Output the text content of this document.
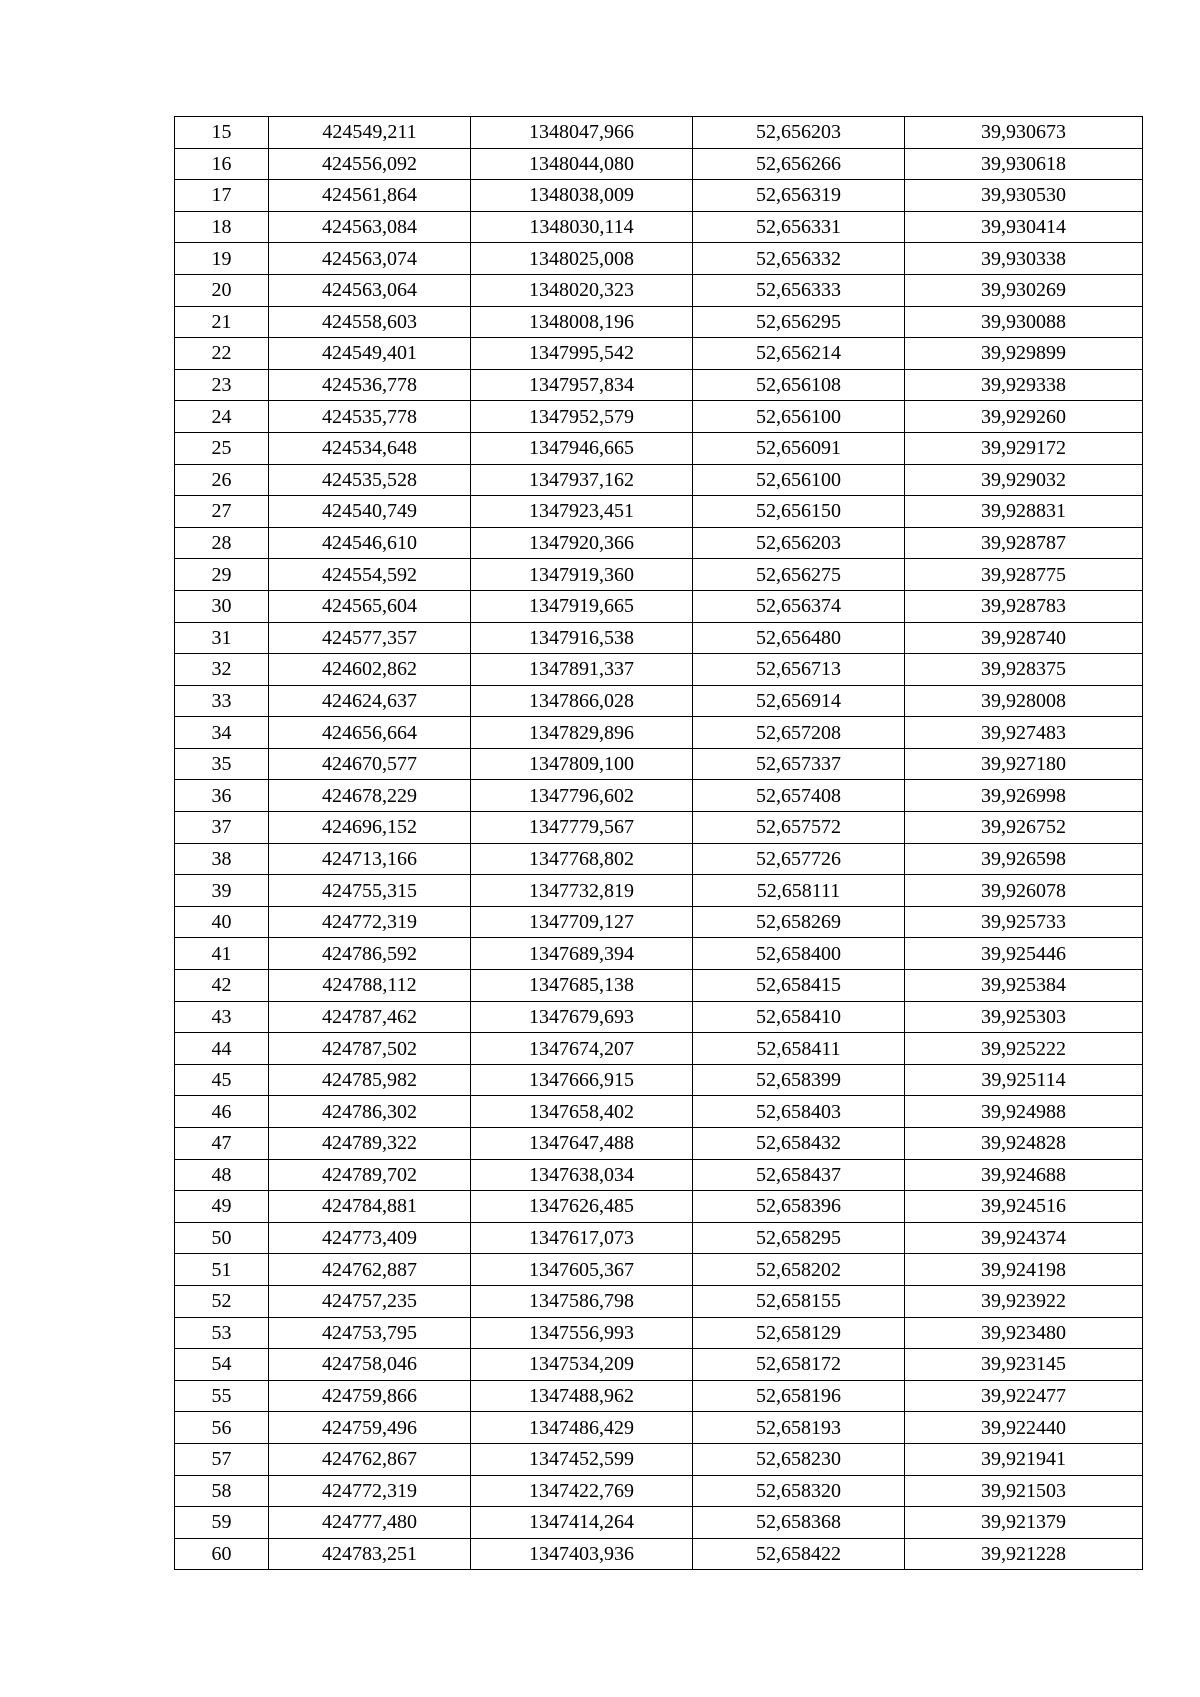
15	424549,211	1348047,966	52,656203	39,930673
16	424556,092	1348044,080	52,656266	39,930618
17	424561,864	1348038,009	52,656319	39,930530
18	424563,084	1348030,114	52,656331	39,930414
19	424563,074	1348025,008	52,656332	39,930338
20	424563,064	1348020,323	52,656333	39,930269
21	424558,603	1348008,196	52,656295	39,930088
22	424549,401	1347995,542	52,656214	39,929899
23	424536,778	1347957,834	52,656108	39,929338
24	424535,778	1347952,579	52,656100	39,929260
25	424534,648	1347946,665	52,656091	39,929172
26	424535,528	1347937,162	52,656100	39,929032
27	424540,749	1347923,451	52,656150	39,928831
28	424546,610	1347920,366	52,656203	39,928787
29	424554,592	1347919,360	52,656275	39,928775
30	424565,604	1347919,665	52,656374	39,928783
31	424577,357	1347916,538	52,656480	39,928740
32	424602,862	1347891,337	52,656713	39,928375
33	424624,637	1347866,028	52,656914	39,928008
34	424656,664	1347829,896	52,657208	39,927483
35	424670,577	1347809,100	52,657337	39,927180
36	424678,229	1347796,602	52,657408	39,926998
37	424696,152	1347779,567	52,657572	39,926752
38	424713,166	1347768,802	52,657726	39,926598
39	424755,315	1347732,819	52,658111	39,926078
40	424772,319	1347709,127	52,658269	39,925733
41	424786,592	1347689,394	52,658400	39,925446
42	424788,112	1347685,138	52,658415	39,925384
43	424787,462	1347679,693	52,658410	39,925303
44	424787,502	1347674,207	52,658411	39,925222
45	424785,982	1347666,915	52,658399	39,925114
46	424786,302	1347658,402	52,658403	39,924988
47	424789,322	1347647,488	52,658432	39,924828
48	424789,702	1347638,034	52,658437	39,924688
49	424784,881	1347626,485	52,658396	39,924516
50	424773,409	1347617,073	52,658295	39,924374
51	424762,887	1347605,367	52,658202	39,924198
52	424757,235	1347586,798	52,658155	39,923922
53	424753,795	1347556,993	52,658129	39,923480
54	424758,046	1347534,209	52,658172	39,923145
55	424759,866	1347488,962	52,658196	39,922477
56	424759,496	1347486,429	52,658193	39,922440
57	424762,867	1347452,599	52,658230	39,921941
58	424772,319	1347422,769	52,658320	39,921503
59	424777,480	1347414,264	52,658368	39,921379
60	424783,251	1347403,936	52,658422	39,921228
